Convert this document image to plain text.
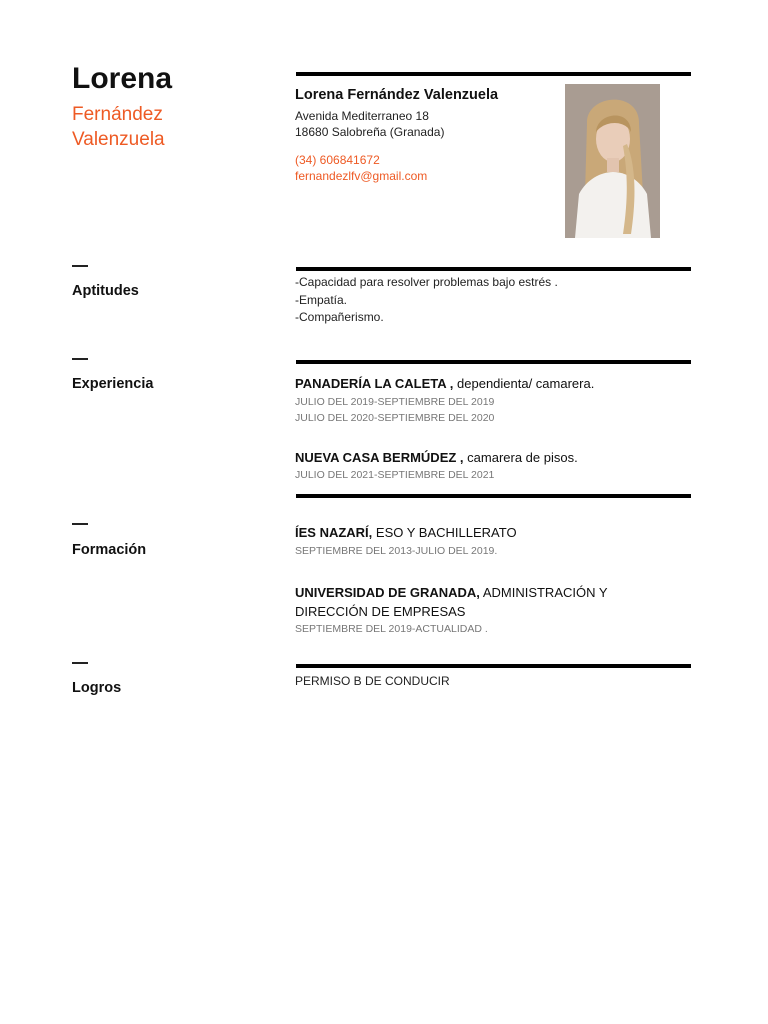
Lorena
Fernández
Valenzuela
Lorena Fernández Valenzuela
Avenida Mediterraneo 18
18680 Salobreña (Granada)
(34) 606841672
fernandezlfv@gmail.com
Aptitudes
-Capacidad para resolver problemas bajo estrés .
-Empatía.
-Compañerismo.
Experiencia	PANADERÍA LA CALETA , dependienta/ camarera.
JULIO DEL 2019-SEPTIEMBRE DEL 2019
JULIO DEL 2020-SEPTIEMBRE DEL 2020
NUEVA CASA BERMÚDEZ , camarera de pisos.
JULIO DEL 2021-SEPTIEMBRE DEL 2021
Formación
ÍES NAZARÍ, ESO Y BACHILLERATO
SEPTIEMBRE DEL 2013-JULIO DEL 2019.
UNIVERSIDAD DE GRANADA, ADMINISTRACIÓN Y
DIRECCIÓN DE EMPRESAS
SEPTIEMBRE DEL 2019-ACTUALIDAD .
Logros	PERMISO B DE CONDUCIR
